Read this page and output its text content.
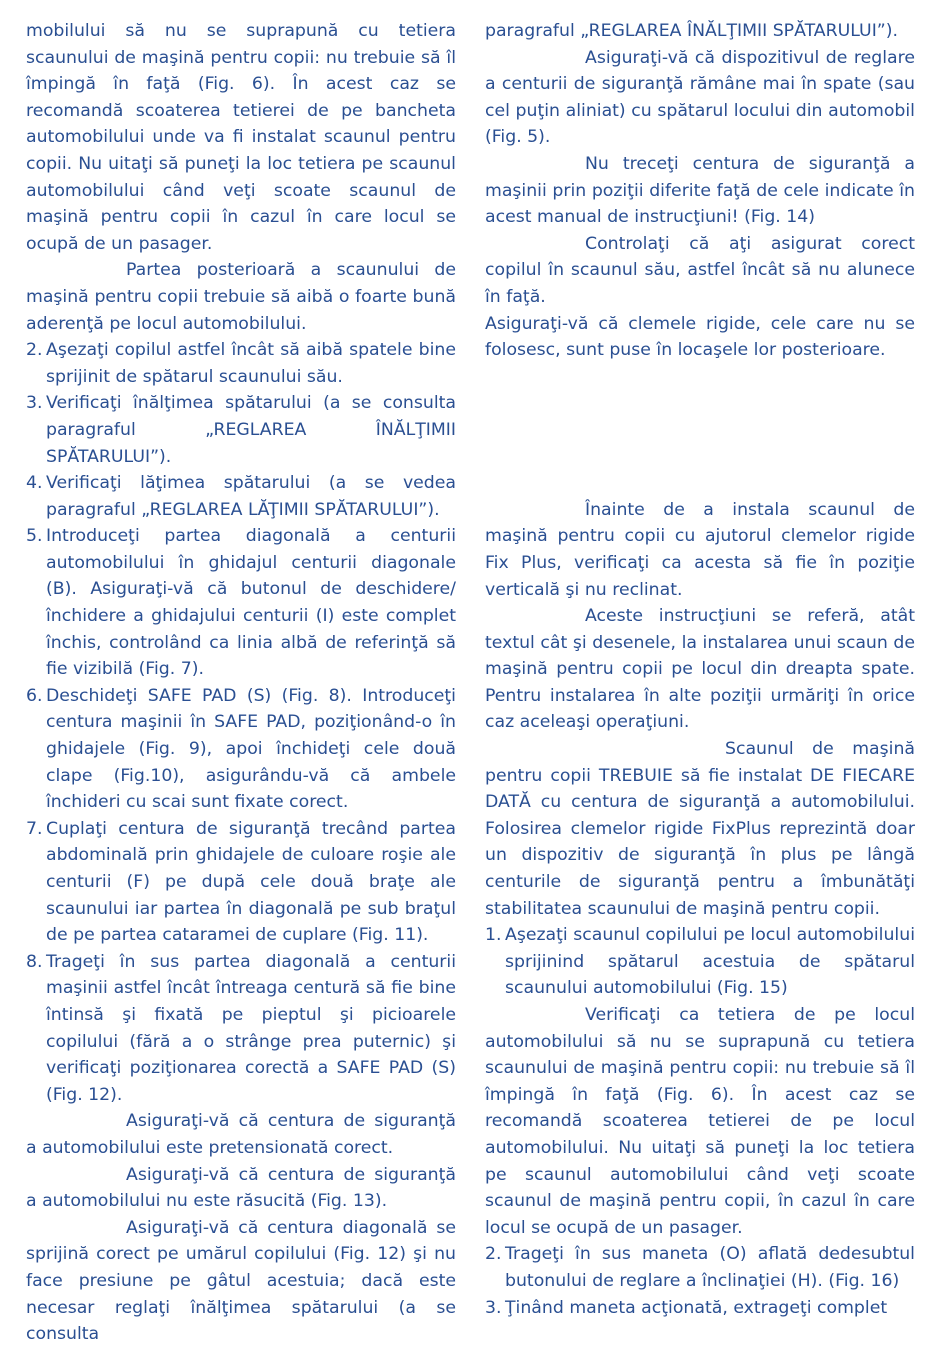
mobilului să nu se suprapună cu tetiera scaunului de maşină pentru copii: nu trebuie să îl împingă în faţă (Fig. 6). În acest caz se recomandă scoaterea tetierei de pe bancheta automobilului unde va fi instalat scaunul pentru copii. Nu uitaţi să puneţi la loc tetiera pe scaunul automobilului când veţi scoate scaunul de maşină pentru copii în cazul în care locul se ocupă de un pasager.

Partea posterioară a scaunului de maşină pentru copii trebuie să aibă o foarte bună aderenţă pe locul automobilului.

2. Aşezaţi copilul astfel încât să aibă spatele bine sprijinit de spătarul scaunului său.
3. Verificaţi înălţimea spătarului (a se consulta paragraful „REGLAREA ÎNĂLŢIMII SPĂTARULUI”).
4. Verificaţi lăţimea spătarului (a se vedea paragraful „REGLAREA LĂŢIMII SPĂTARULUI”).
5. Introduceţi partea diagonală a centurii automobilului în ghidajul centurii diagonale (B). Asiguraţi-vă că butonul de deschidere/închidere a ghidajului centurii (I) este complet închis, controlând ca linia albă de referinţă să fie vizibilă (Fig. 7).
6. Deschideţi SAFE PAD (S) (Fig. 8). Introduceţi centura maşinii în SAFE PAD, poziţionând-o în ghidajele (Fig. 9), apoi închideţi cele două clape (Fig.10), asigurându-vă că ambele închideri cu scai sunt fixate corect.
7. Cuplaţi centura de siguranţă trecând partea abdominală prin ghidajele de culoare roşie ale centurii (F) pe după cele două braţe ale scaunului iar partea în diagonală pe sub braţul de pe partea cataramei de cuplare (Fig. 11).
8. Trageţi în sus partea diagonală a centurii maşinii astfel încât întreaga centură să fie bine întinsă şi fixată pe pieptul şi picioarele copilului (fără a o strânge prea puternic) şi verificaţi poziţionarea corectă a SAFE PAD (S) (Fig. 12).

Asiguraţi-vă că centura de siguranţă a automobilului este pretensionată corect.

Asiguraţi-vă că centura de siguranţă a automobilului nu este răsucită (Fig. 13).

Asiguraţi-vă că centura diagonală se sprijină corect pe umărul copilului (Fig. 12) şi nu face presiune pe gâtul acestuia; dacă este necesar reglaţi înălţimea spătarului (a se consulta

paragraful „REGLAREA ÎNĂLŢIMII SPĂTARULUI”).

Asiguraţi-vă că dispozitivul de reglare a centurii de siguranţă rămâne mai în spate (sau cel puţin aliniat) cu spătarul locului din automobil (Fig. 5).

Nu treceţi centura de siguranţă a maşinii prin poziţii diferite faţă de cele indicate în acest manual de instrucţiuni! (Fig. 14)

Controlaţi că aţi asigurat corect copilul în scaunul său, astfel încât să nu alunece în faţă.

Asiguraţi-vă că clemele rigide, cele care nu se folosesc, sunt puse în locaşele lor posterioare.

Înainte de a instala scaunul de maşină pentru copii cu ajutorul clemelor rigide Fix Plus, verificaţi ca acesta să fie în poziţie verticală şi nu reclinat.

Aceste instrucţiuni se referă, atât textul cât şi desenele, la instalarea unui scaun de maşină pentru copii pe locul din dreapta spate. Pentru instalarea în alte poziţii urmăriţi în orice caz aceleaşi operaţiuni.

Scaunul de maşină pentru copii TREBUIE să fie instalat DE FIECARE DATĂ cu centura de siguranţă a automobilului. Folosirea clemelor rigide FixPlus reprezintă doar un dispozitiv de siguranţă în plus pe lângă centurile de siguranţă pentru a îmbunătăţi stabilitatea scaunului de maşină pentru copii.

1. Aşezaţi scaunul copilului pe locul automobilului sprijinind spătarul acestuia de spătarul scaunului automobilului (Fig. 15)

Verificaţi ca tetiera de pe locul automobilului să nu se suprapună cu tetiera scaunului de maşină pentru copii: nu trebuie să îl împingă în faţă (Fig. 6). În acest caz se recomandă scoaterea tetierei de pe locul automobilului. Nu uitaţi să puneţi la loc tetiera pe scaunul automobilului când veţi scoate scaunul de maşină pentru copii, în cazul în care locul se ocupă de un pasager.

2. Trageţi în sus maneta (O) aflată dedesubtul butonului de reglare a înclinaţiei (H). (Fig. 16)
3. Ţinând maneta acţionată, extrageţi complet
